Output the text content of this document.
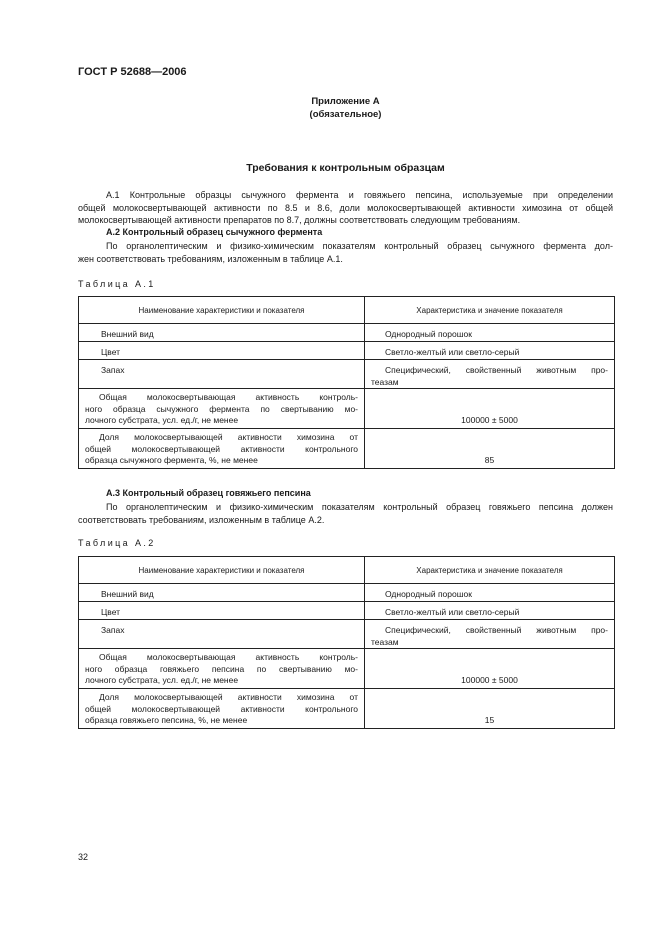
ГОСТ Р 52688—2006
Приложение А
(обязательное)
Требования к контрольным образцам

А.1 Контрольные образцы сычужного фермента и говяжьего пепсина, используемые при определении
общей молокосвертывающей активности по 8.5 и 8.6, доли молокосвертывающей активности химозина от общей
молокосвертывающей активности препаратов по 8.7, должны соответствовать следующим требованиям.

А.2 Контрольный образец сычужного фермента

По органолептическим и физико-химическим показателям контрольный образец сычужного фермента дол-
жен соответствовать требованиям, изложенным в таблице А.1.

Таблица А.1
Наименование характеристики и показателя	Характеристика и значение показателя

Внешний вид	Однородный порошок

Цвет	Светло-желтый или светло-серый

Запах	Специфический, свойственный животным про-
теазам

Общая молокосвертывающая активность контроль-
ного образца сычужного фермента по свертыванию мо-
лочного субстрата, усл. ед./г, не менее	100000 ± 5000

Доля молокосвертывающей активности химозина от
общей молокосвертывающей активности контрольного
образца сычужного фермента, %, не менее	85
А.3 Контрольный образец говяжьего пепсина

По органолептическим и физико-химическим показателям контрольный образец говяжьего пепсина должен
соответствовать требованиям, изложенным в таблице А.2.

Таблица А.2
Наименование характеристики и показателя	Характеристика и значение показателя

Внешний вид	Однородный порошок

Цвет	Светло-желтый или светло-серый

Запах	Специфический, свойственный животным про-
теазам

Общая молокосвертывающая активность контроль-
ного образца говяжьего пепсина по свертыванию мо-
лочного субстрата, усл. ед./г, не менее	100000 ± 5000

Доля молокосвертывающей активности химозина от
общей молокосвертывающей активности контрольного
образца говяжьего пепсина, %, не менее	15
32
